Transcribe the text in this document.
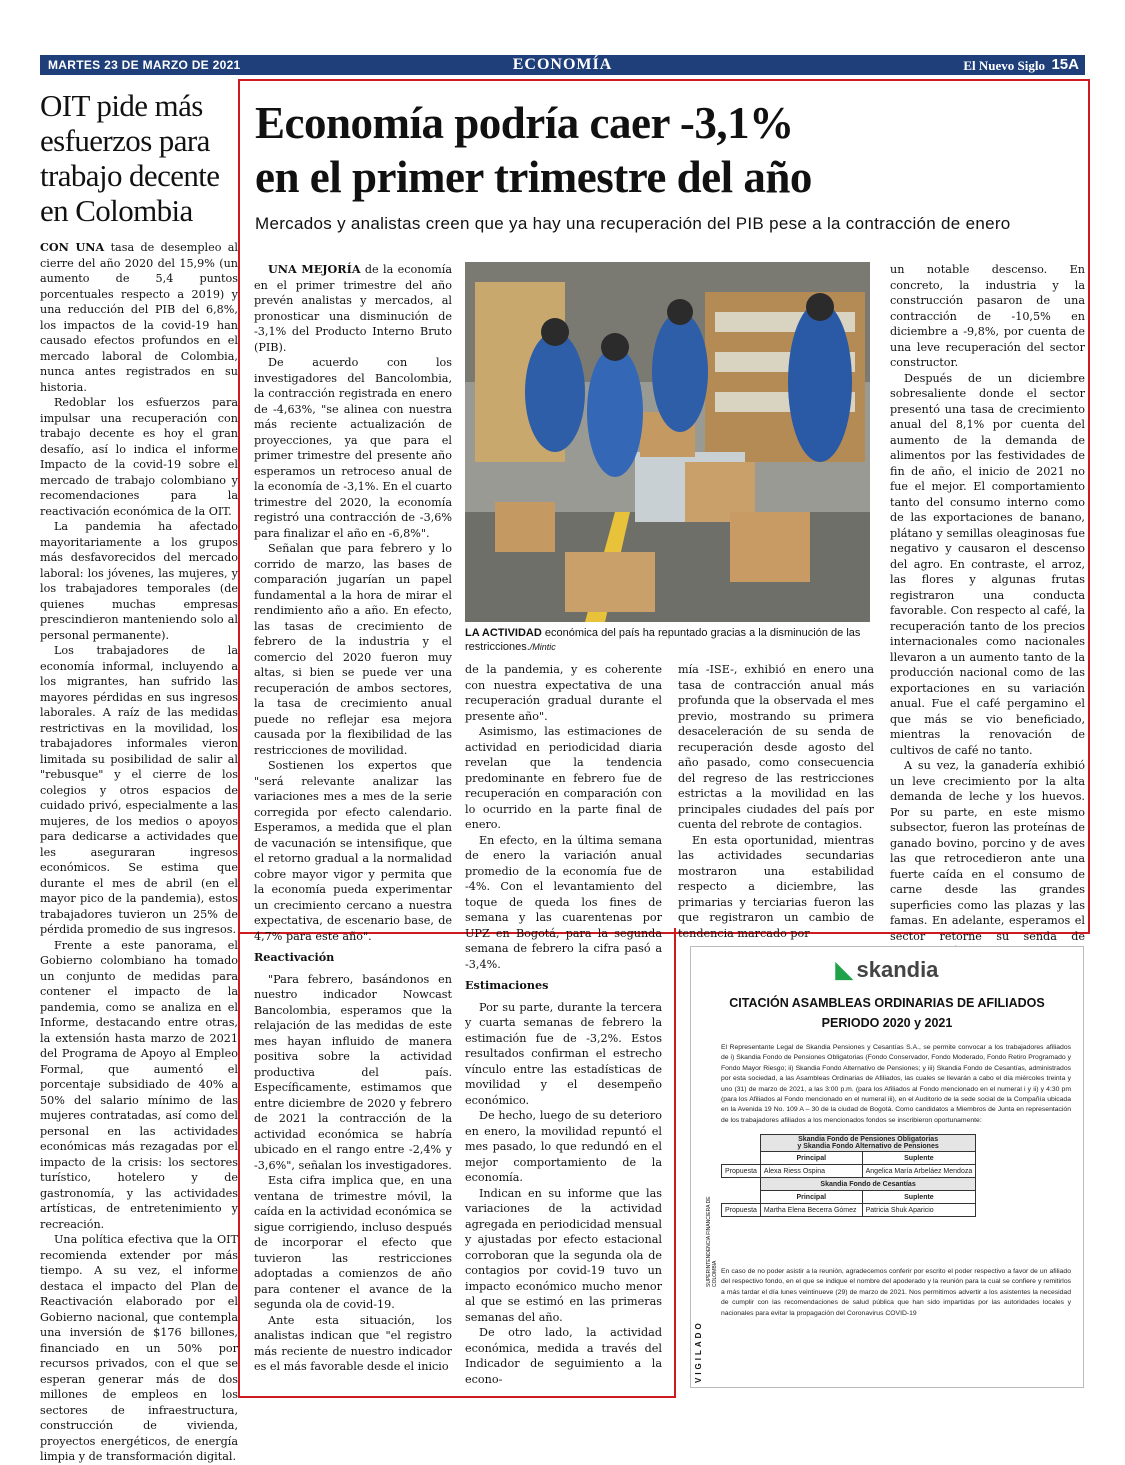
MARTES 23 DE MARZO DE 2021	ECONOMÍA	El Nuevo Siglo 15A
OIT pide más esfuerzos para trabajo decente en Colombia

CON UNA tasa de desempleo al cierre del año 2020 del 15,9% (un aumento de 5,4 puntos porcentuales respecto a 2019) y una reducción del PIB del 6,8%, los impactos de la covid-19 han causado efectos profundos en el mercado laboral de Colombia, nunca antes registrados en su historia.

Redoblar los esfuerzos para impulsar una recuperación con trabajo decente es hoy el gran desafío, así lo indica el informe Impacto de la covid-19 sobre el mercado de trabajo colombiano y recomendaciones para la reactivación económica de la OIT.

La pandemia ha afectado mayoritariamente a los grupos más desfavorecidos del mercado laboral: los jóvenes, las mujeres, y los trabajadores temporales (de quienes muchas empresas prescindieron manteniendo solo al personal permanente).

Los trabajadores de la economía informal, incluyendo a los migrantes, han sufrido las mayores pérdidas en sus ingresos laborales. A raíz de las medidas restrictivas en la movilidad, los trabajadores informales vieron limitada su posibilidad de salir al "rebusque" y el cierre de los colegios y otros espacios de cuidado privó, especialmente a las mujeres, de los medios o apoyos para dedicarse a actividades que les aseguraran ingresos económicos. Se estima que durante el mes de abril (en el mayor pico de la pandemia), estos trabajadores tuvieron un 25% de pérdida promedio de sus ingresos.

Frente a este panorama, el Gobierno colombiano ha tomado un conjunto de medidas para contener el impacto de la pandemia, como se analiza en el Informe, destacando entre otras, la extensión hasta marzo de 2021 del Programa de Apoyo al Empleo Formal, que aumentó el porcentaje subsidiado de 40% a 50% del salario mínimo de las mujeres contratadas, así como del personal en las actividades económicas más rezagadas por el impacto de la crisis: los sectores turístico, hotelero y de gastronomía, y las actividades artísticas, de entretenimiento y recreación.

Una política efectiva que la OIT recomienda extender por más tiempo. A su vez, el informe destaca el impacto del Plan de Reactivación elaborado por el Gobierno nacional, que contempla una inversión de $176 billones, financiado en un 50% por recursos privados, con el que se esperan generar más de dos millones de empleos en los sectores de infraestructura, construcción de vivienda, proyectos energéticos, de energía limpia y de transformación digital.

Economía podría caer -3,1%
en el primer trimestre del año
Mercados y analistas creen que ya hay una recuperación del PIB pese a la contracción de enero

UNA MEJORÍA de la economía en el primer trimestre del año prevén analistas y mercados, al pronosticar una disminución de -3,1% del Producto Interno Bruto (PIB).

De acuerdo con los investigadores del Bancolombia, la contracción registrada en enero de -4,63%, "se alinea con nuestra más reciente actualización de proyecciones, ya que para el primer trimestre del presente año esperamos un retroceso anual de la economía de -3,1%. En el cuarto trimestre del 2020, la economía registró una contracción de -3,6% para finalizar el año en -6,8%".

Señalan que para febrero y lo corrido de marzo, las bases de comparación jugarían un papel fundamental a la hora de mirar el rendimiento año a año. En efecto, las tasas de crecimiento de febrero de la industria y el comercio del 2020 fueron muy altas, si bien se puede ver una recuperación de ambos sectores, la tasa de crecimiento anual puede no reflejar esa mejora causada por la flexibilidad de las restricciones de movilidad.

Sostienen los expertos que "será relevante analizar las variaciones mes a mes de la serie corregida por efecto calendario. Esperamos, a medida que el plan de vacunación se intensifique, que el retorno gradual a la normalidad cobre mayor vigor y permita que la economía pueda experimentar un crecimiento cercano a nuestra expectativa, de escenario base, de 4,7% para este año".

Reactivación

"Para febrero, basándonos en nuestro indicador Nowcast Bancolombia, esperamos que la relajación de las medidas de este mes hayan influido de manera positiva sobre la actividad productiva del país. Específicamente, estimamos que entre diciembre de 2020 y febrero de 2021 la contracción de la actividad económica se habría ubicado en el rango entre -2,4% y -3,6%", señalan los investigadores.

Esta cifra implica que, en una ventana de trimestre móvil, la caída en la actividad económica se sigue corrigiendo, incluso después de incorporar el efecto que tuvieron las restricciones adoptadas a comienzos de año para contener el avance de la segunda ola de covid-19.

Ante esta situación, los analistas indican que "el registro más reciente de nuestro indicador es el más favorable desde el inicio

LA ACTIVIDAD económica del país ha repuntado gracias a la disminución de las restricciones./Mintic

de la pandemia, y es coherente con nuestra expectativa de una recuperación gradual durante el presente año".

Asimismo, las estimaciones de actividad en periodicidad diaria revelan que la tendencia predominante en febrero fue de recuperación en comparación con lo ocurrido en la parte final de enero.

En efecto, en la última semana de enero la variación anual promedio de la economía fue de -4%. Con el levantamiento del toque de queda los fines de semana y las cuarentenas por UPZ en Bogotá, para la segunda semana de febrero la cifra pasó a -3,4%.

Estimaciones

Por su parte, durante la tercera y cuarta semanas de febrero la estimación fue de -3,2%. Estos resultados confirman el estrecho vínculo entre las estadísticas de movilidad y el desempeño económico.

De hecho, luego de su deterioro en enero, la movilidad repuntó el mes pasado, lo que redundó en el mejor comportamiento de la economía.

Indican en su informe que las variaciones de la actividad agregada en periodicidad mensual y ajustadas por efecto estacional corroboran que la segunda ola de contagios por covid-19 tuvo un impacto económico mucho menor al que se estimó en las primeras semanas del año.

De otro lado, la actividad económica, medida a través del Indicador de seguimiento a la econo-

mía -ISE-, exhibió en enero una tasa de contracción anual más profunda que la observada el mes previo, mostrando su primera desaceleración de su senda de recuperación desde agosto del año pasado, como consecuencia del regreso de las restricciones estrictas a la movilidad en las principales ciudades del país por cuenta del rebrote de contagios.

En esta oportunidad, mientras las actividades secundarias mostraron una estabilidad respecto a diciembre, las primarias y terciarias fueron las que registraron un cambio de tendencia marcado por

un notable descenso. En concreto, la industria y la construcción pasaron de una contracción de -10,5% en diciembre a -9,8%, por cuenta de una leve recuperación del sector constructor.

Después de un diciembre sobresaliente donde el sector presentó una tasa de crecimiento anual del 8,1% por cuenta del aumento de la demanda de alimentos por las festividades de fin de año, el inicio de 2021 no fue el mejor. El comportamiento tanto del consumo interno como de las exportaciones de banano, plátano y semillas oleaginosas fue negativo y causaron el descenso del agro. En contraste, el arroz, las flores y algunas frutas registraron una conducta favorable. Con respecto al café, la recuperación tanto de los precios internacionales como nacionales llevaron a un aumento tanto de la producción nacional como de las exportaciones en su variación anual. Fue el café pergamino el que más se vio beneficiado, mientras la renovación de cultivos de café no tanto.

A su vez, la ganadería exhibió un leve crecimiento por la alta demanda de leche y los huevos. Por su parte, en este mismo subsector, fueron las proteínas de ganado bovino, porcino y de aves las que retrocedieron ante una fuerte caída en el consumo de carne desde las grandes superficies como las plazas y las famas. En adelante, esperamos el sector retorne su senda de

◣ skandia
CITACIÓN ASAMBLEAS ORDINARIAS DE AFILIADOS
PERIODO 2020 y 2021
El Representante Legal de Skandia Pensiones y Cesantías S.A., se permite convocar a los trabajadores afiliados de i) Skandia Fondo de Pensiones Obligatorias (Fondo Conservador, Fondo Moderado, Fondo Retiro Programado y Fondo Mayor Riesgo; ii) Skandia Fondo Alternativo de Pensiones; y iii) Skandia Fondo de Cesantías, administrados por esta sociedad, a las Asambleas Ordinarias de Afiliados, las cuales se llevarán a cabo el día miércoles treinta y uno (31) de marzo de 2021, a las 3:00 p.m. (para los Afiliados al Fondo mencionado en el numeral i y ii) y 4:30 pm (para los Afiliados al Fondo mencionado en el numeral iii), en el Auditorio de la sede social de la Compañía ubicada en la Avenida 19 No. 109 A – 30 de la ciudad de Bogotá. Como candidatos a Miembros de Junta en representación de los trabajadores afiliados a los mencionados fondos se inscribieron oportunamente:

	Skandia Fondo de Pensiones Obligatorias
y Skandia Fondo Alternativo de Pensiones	

	Principal	Suplente
Propuesta	Alexa Riess Ospina	Angelica María Arbeláez Mendoza
	Skandia Fondo de Cesantías	
	Principal	Suplente
Propuesta	Martha Elena Becerra Gómez	Patricia Shuk Aparicio
En caso de no poder asistir a la reunión, agradecemos conferir por escrito el poder respectivo a favor de un afiliado del respectivo fondo, en el que se indique el nombre del apoderado y la reunión para la cual se confiere y remitirlos a más tardar el día lunes veintinueve (29) de marzo de 2021. Nos permitimos advertir a los asistentes la necesidad de cumplir con las recomendaciones de salud pública que han sido impartidas por las autoridades locales y nacionales para evitar la propagación del Coronavirus COVID-19
VIGILADO
SUPERINTENDENCIA FINANCIERA DE COLOMBIA
